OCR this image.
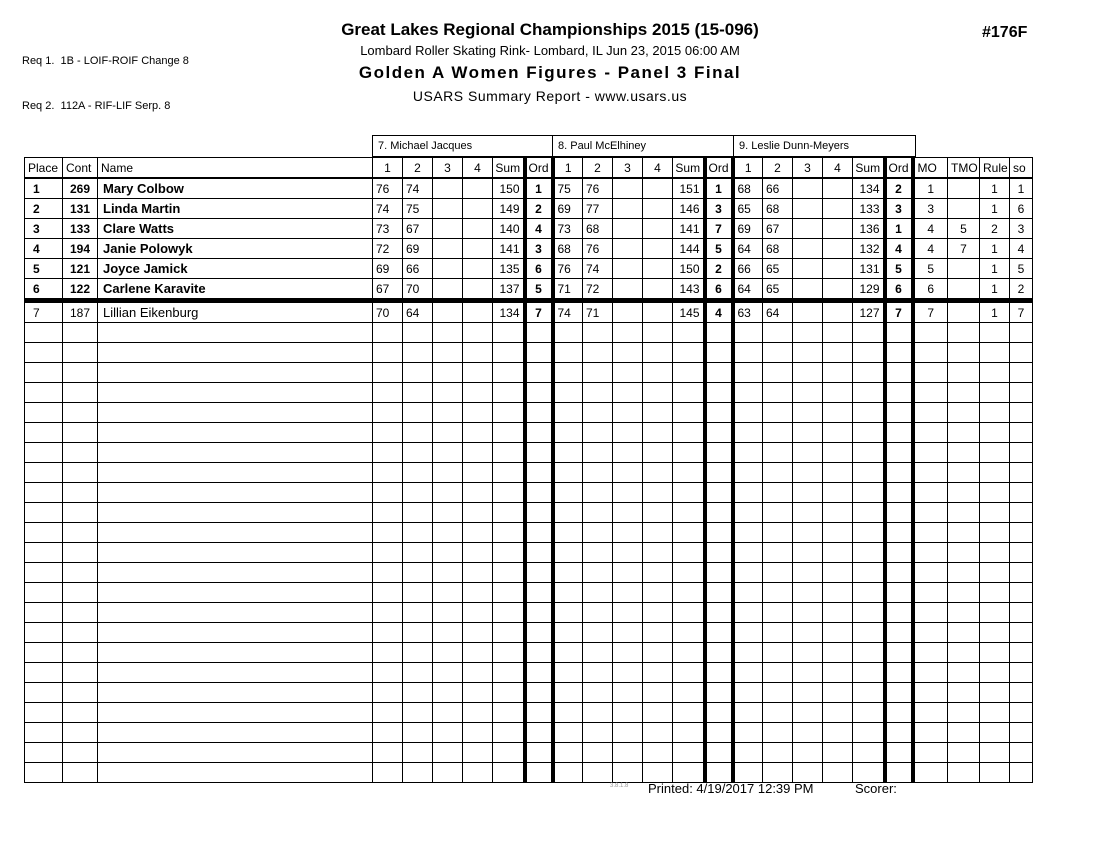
Req 1.  1B - LOIF-ROIF Change 8

Req 2.  112A - RIF-LIF Serp. 8

Great Lakes Regional Championships 2015 (15-096)
Lombard Roller Skating Rink- Lombard, IL Jun 23, 2015 06:00 AM
Golden A Women Figures - Panel 3 Final
USARS Summary Report - www.usars.us
#176F
7. Michael Jacques	8. Paul McElhiney	9. Leslie Dunn-Meyers
Place	Cont	Name	1	2	3	4	Sum	Ord	1	2	3	4	Sum	Ord	1	2	3	4	Sum	Ord	MO	TMO	Rule	so
1	269	Mary Colbow	76	74			150	1	75	76			151	1	68	66			134	2	1		1	1
2	131	Linda Martin	74	75			149	2	69	77			146	3	65	68			133	3	3		1	6
3	133	Clare Watts	73	67			140	4	73	68			141	7	69	67			136	1	4	5	2	3
4	194	Janie Polowyk	72	69			141	3	68	76			144	5	64	68			132	4	4	7	1	4
5	121	Joyce Jamick	69	66			135	6	76	74			150	2	66	65			131	5	5		1	5
6	122	Carlene Karavite	67	70			137	5	71	72			143	6	64	65			129	6	6		1	2
7	187	Lillian Eikenburg	70	64			134	7	74	71			145	4	63	64			127	7	7		1	7

3.8.1.8 Printed: 4/19/2017 12:39 PM	Scorer:
